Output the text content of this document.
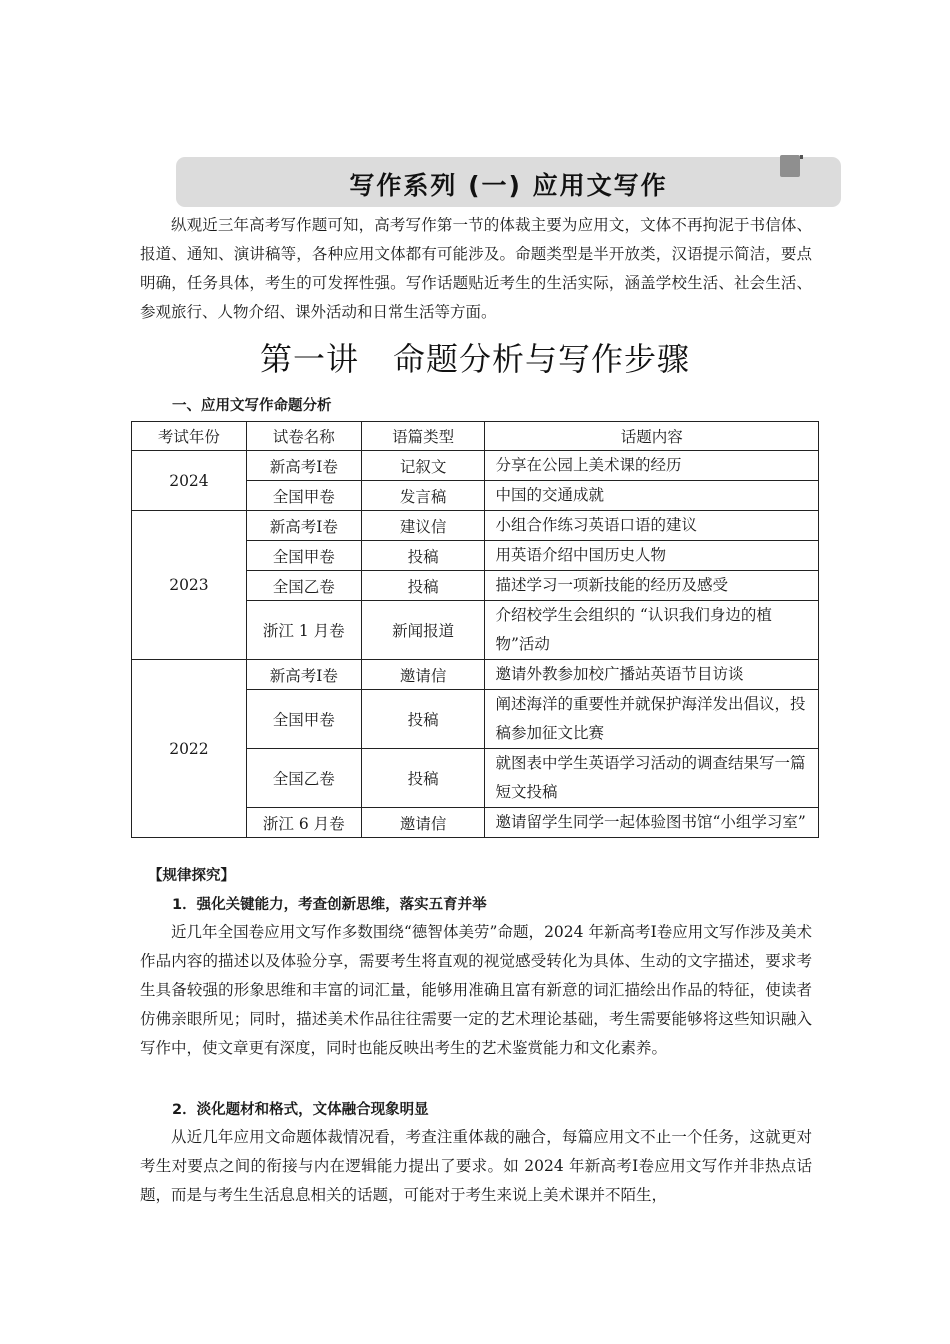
写作系列 (一) 应用文写作

纵观近三年高考写作题可知，高考写作第一节的体裁主要为应用文，文体不再拘泥于书信体、报道、通知、演讲稿等，各种应用文体都有可能涉及。命题类型是半开放类，汉语提示简洁，要点明确，任务具体，考生的可发挥性强。写作话题贴近考生的生活实际，涵盖学校生活、社会生活、参观旅行、人物介绍、课外活动和日常生活等方面。

第一讲 命题分析与写作步骤
一、应用文写作命题分析
考试年份	试卷名称	语篇类型	话题内容
2024	新高考Ⅰ卷	记叙文	分享在公园上美术课的经历
	全国甲卷	发言稿	中国的交通成就
2023	新高考Ⅰ卷	建议信	小组合作练习英语口语的建议
	全国甲卷	投稿	用英语介绍中国历史人物
	全国乙卷	投稿	描述学习一项新技能的经历及感受
	浙江 1 月卷	新闻报道	介绍校学生会组织的 “认识我们身边的植物”活动
2022	新高考Ⅰ卷	邀请信	邀请外教参加校广播站英语节目访谈
	全国甲卷	投稿	阐述海洋的重要性并就保护海洋发出倡议，投稿参加征文比赛
	全国乙卷	投稿	就图表中学生英语学习活动的调查结果写一篇短文投稿
	浙江 6 月卷	邀请信	邀请留学生同学一起体验图书馆“小组学习室”
【规律探究】
1．强化关键能力，考查创新思维，落实五育并举

近几年全国卷应用文写作多数围绕“德智体美劳”命题，2024 年新高考Ⅰ卷应用文写作涉及美术作品内容的描述以及体验分享，需要考生将直观的视觉感受转化为具体、生动的文字描述，要求考生具备较强的形象思维和丰富的词汇量，能够用准确且富有新意的词汇描绘出作品的特征，使读者仿佛亲眼所见；同时，描述美术作品往往需要一定的艺术理论基础，考生需要能够将这些知识融入写作中，使文章更有深度，同时也能反映出考生的艺术鉴赏能力和文化素养。

2．淡化题材和格式，文体融合现象明显

从近几年应用文命题体裁情况看，考查注重体裁的融合，每篇应用文不止一个任务，这就更对考生对要点之间的衔接与内在逻辑能力提出了要求。如 2024 年新高考Ⅰ卷应用文写作并非热点话题，而是与考生生活息息相关的话题，可能对于考生来说上美术课并不陌生，
